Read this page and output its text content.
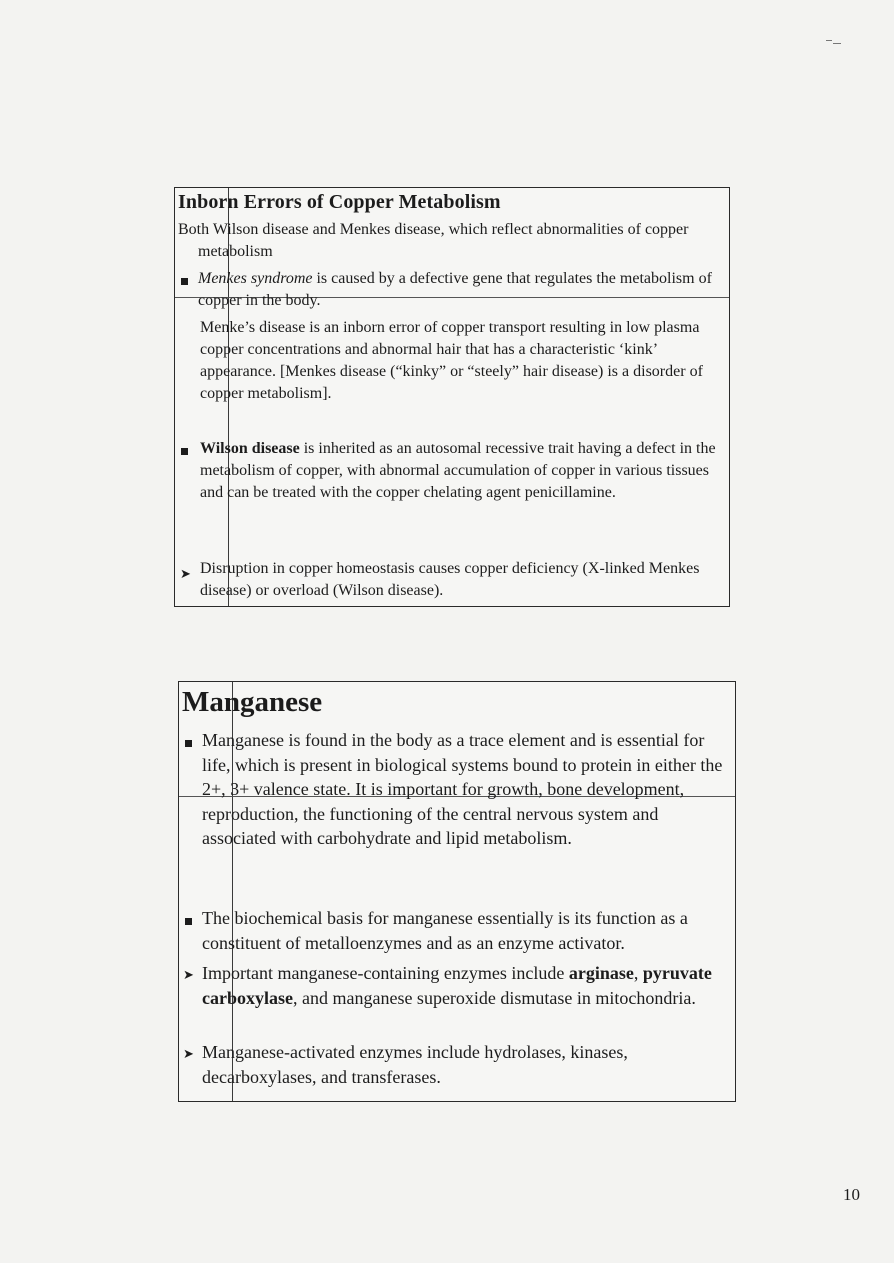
Inborn Errors of Copper Metabolism
Both Wilson disease and Menkes disease, which reflect abnormalities of copper metabolism
Menkes syndrome is caused by a defective gene that regulates the metabolism of copper in the body.
Menke’s disease is an inborn error of copper transport resulting in low plasma copper concentrations and abnormal hair that has a characteristic ‘kink’ appearance. [Menkes disease (“kinky” or “steely” hair disease) is a disorder of copper metabolism].
Wilson disease is inherited as an autosomal recessive trait having a defect in the metabolism of copper, with abnormal accumulation of copper in various tissues and can be treated with the copper chelating agent penicillamine.
➤ Disruption in copper homeostasis causes copper deficiency (X-linked Menkes disease) or overload (Wilson disease).
Manganese
Manganese is found in the body as a trace element and is essential for life, which is present in biological systems bound to protein in either the 2+, 3+ valence state. It is important for growth, bone development, reproduction, the functioning of the central nervous system and associated with carbohydrate and lipid metabolism.
The biochemical basis for manganese essentially is its function as a constituent of metalloenzymes and as an enzyme activator.
➤ Important manganese-containing enzymes include arginase, pyruvate carboxylase, and manganese superoxide dismutase in mitochondria.
➤ Manganese-activated enzymes include hydrolases, kinases, decarboxylases, and transferases.
10
